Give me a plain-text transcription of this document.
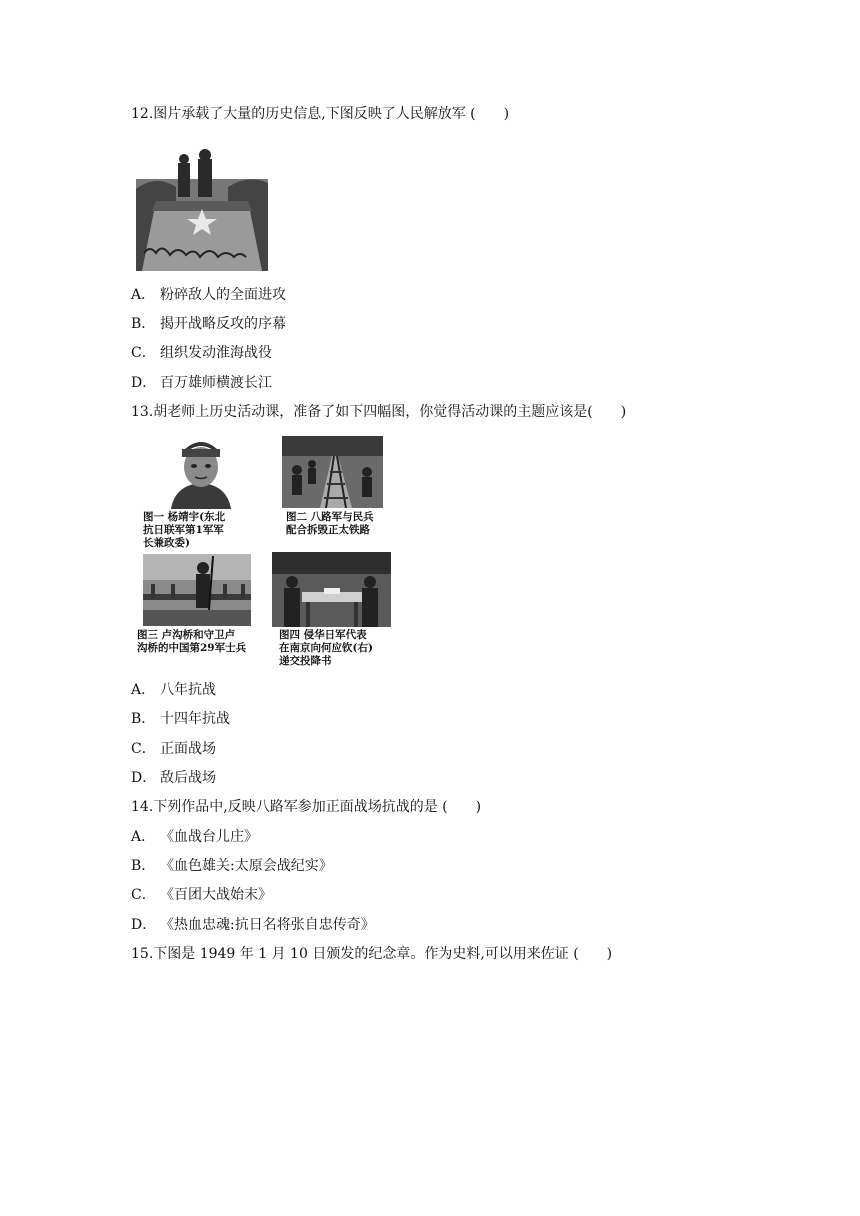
12.图片承载了大量的历史信息,下图反映了人民解放军 (　　)
A． 粉碎敌人的全面进攻
B． 揭开战略反攻的序幕
C． 组织发动淮海战役
D． 百万雄师横渡长江
13.胡老师上历史活动课，准备了如下四幅图，你觉得活动课的主题应该是(　　)
图一 杨靖宇(东北
抗日联军第1军军
长兼政委)
图二 八路军与民兵
配合拆毁正太铁路
图三 卢沟桥和守卫卢
沟桥的中国第29军士兵
图四 侵华日军代表
在南京向何应钦(右)
递交投降书
A． 八年抗战
B． 十四年抗战
C． 正面战场
D． 敌后战场
14.下列作品中,反映八路军参加正面战场抗战的是 (　　)
A． 《血战台儿庄》
B． 《血色雄关:太原会战纪实》
C． 《百团大战始末》
D． 《热血忠魂:抗日名将张自忠传奇》
15.下图是 1949 年 1 月 10 日颁发的纪念章。作为史料,可以用来佐证 (　　)
